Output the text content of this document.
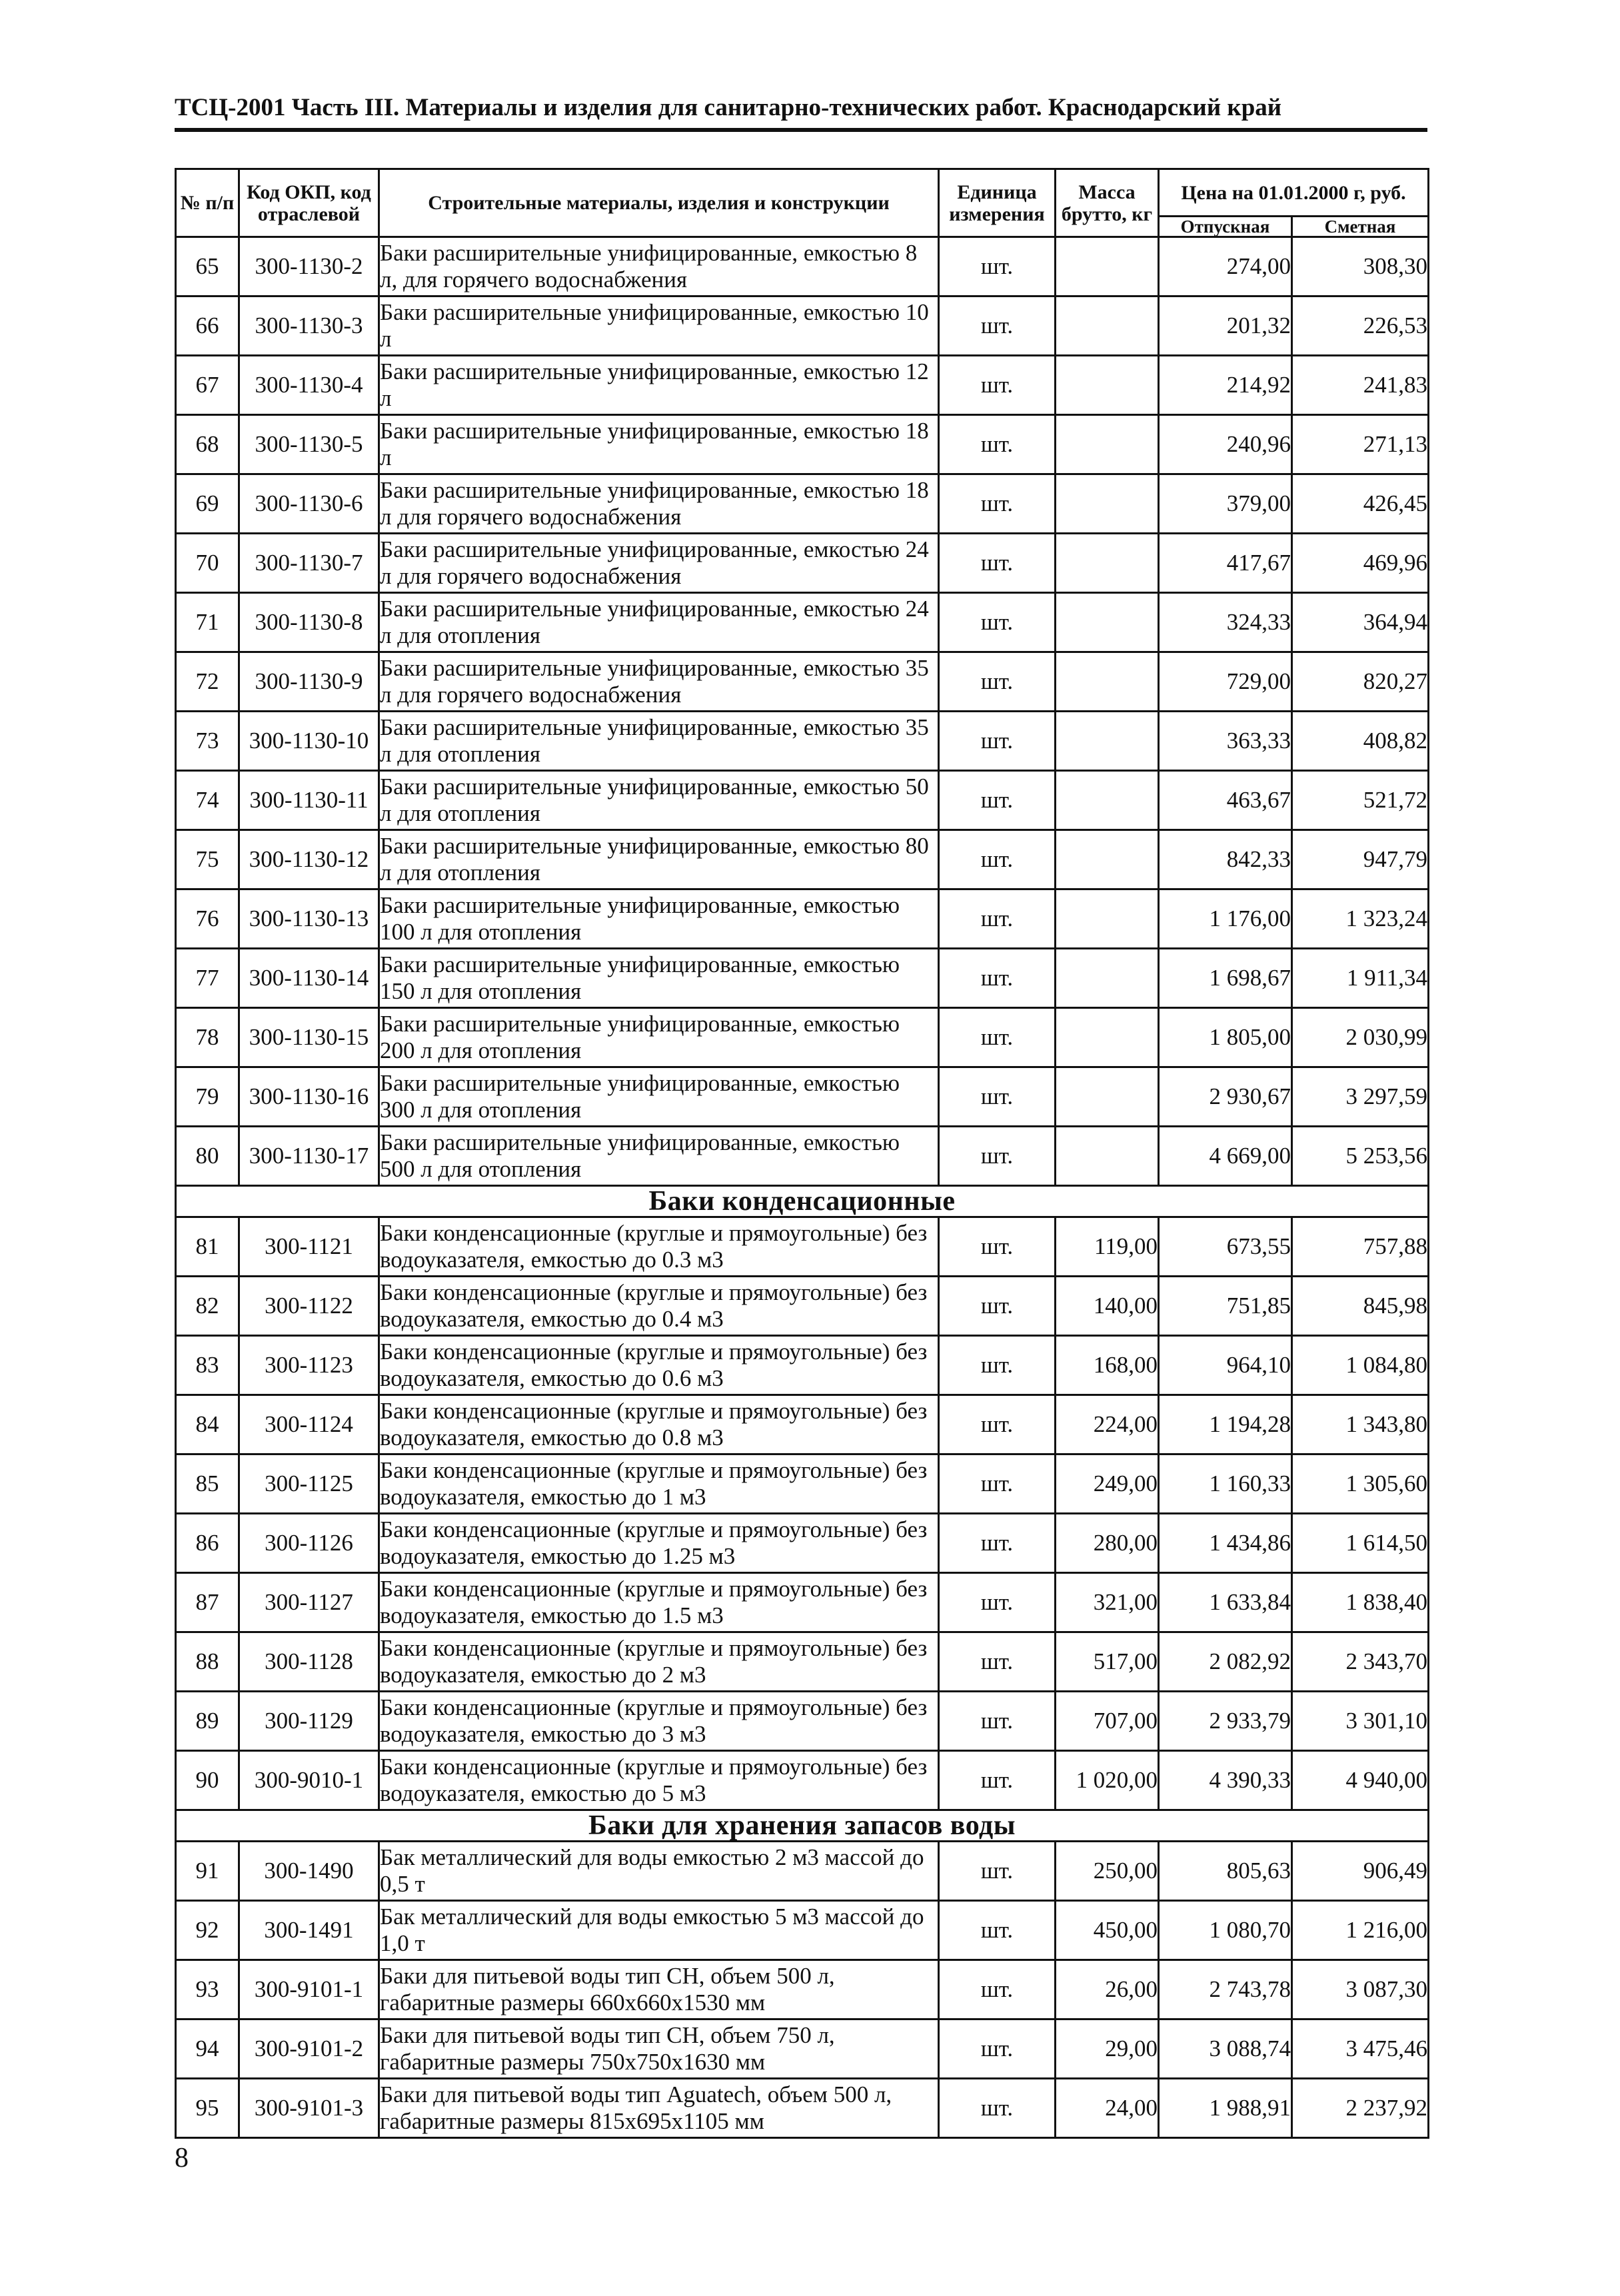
ТСЦ-2001 Часть III. Материалы и изделия для санитарно-технических работ. Краснодарский край
№ п/п	Код ОКП, код отраслевой	Строительные материалы, изделия и конструкции	Единица измерения	Масса брутто, кг	Цена на 01.01.2000 г, руб.	
					Отпускная	Сметная
65	300-1130-2	Баки расширительные унифицированные, емкостью 8 л, для горячего водоснабжения	шт.		274,00	308,30
66	300-1130-3	Баки расширительные унифицированные, емкостью 10 л	шт.		201,32	226,53
67	300-1130-4	Баки расширительные унифицированные, емкостью 12 л	шт.		214,92	241,83
68	300-1130-5	Баки расширительные унифицированные, емкостью 18 л	шт.		240,96	271,13
69	300-1130-6	Баки расширительные унифицированные, емкостью 18 л для горячего водоснабжения	шт.		379,00	426,45
70	300-1130-7	Баки расширительные унифицированные, емкостью 24 л для горячего водоснабжения	шт.		417,67	469,96
71	300-1130-8	Баки расширительные унифицированные, емкостью 24 л для отопления	шт.		324,33	364,94
72	300-1130-9	Баки расширительные унифицированные, емкостью 35 л для горячего водоснабжения	шт.		729,00	820,27
73	300-1130-10	Баки расширительные унифицированные, емкостью 35 л для отопления	шт.		363,33	408,82
74	300-1130-11	Баки расширительные унифицированные, емкостью 50 л для отопления	шт.		463,67	521,72
75	300-1130-12	Баки расширительные унифицированные, емкостью 80 л для отопления	шт.		842,33	947,79
76	300-1130-13	Баки расширительные унифицированные, емкостью 100 л для отопления	шт.		1 176,00	1 323,24
77	300-1130-14	Баки расширительные унифицированные, емкостью 150 л для отопления	шт.		1 698,67	1 911,34
78	300-1130-15	Баки расширительные унифицированные, емкостью 200 л для отопления	шт.		1 805,00	2 030,99
79	300-1130-16	Баки расширительные унифицированные, емкостью 300 л для отопления	шт.		2 930,67	3 297,59
80	300-1130-17	Баки расширительные унифицированные, емкостью 500 л для отопления	шт.		4 669,00	5 253,56
Баки конденсационные						
81	300-1121	Баки конденсационные (круглые и прямоугольные) без водоуказателя, емкостью до 0.3 м3	шт.	119,00	673,55	757,88
82	300-1122	Баки конденсационные (круглые и прямоугольные) без водоуказателя, емкостью до 0.4 м3	шт.	140,00	751,85	845,98
83	300-1123	Баки конденсационные (круглые и прямоугольные) без водоуказателя, емкостью до 0.6 м3	шт.	168,00	964,10	1 084,80
84	300-1124	Баки конденсационные (круглые и прямоугольные) без водоуказателя, емкостью до 0.8 м3	шт.	224,00	1 194,28	1 343,80
85	300-1125	Баки конденсационные (круглые и прямоугольные) без водоуказателя, емкостью до 1 м3	шт.	249,00	1 160,33	1 305,60
86	300-1126	Баки конденсационные (круглые и прямоугольные) без водоуказателя, емкостью до 1.25 м3	шт.	280,00	1 434,86	1 614,50
87	300-1127	Баки конденсационные (круглые и прямоугольные) без водоуказателя, емкостью до 1.5 м3	шт.	321,00	1 633,84	1 838,40
88	300-1128	Баки конденсационные (круглые и прямоугольные) без водоуказателя, емкостью до 2 м3	шт.	517,00	2 082,92	2 343,70
89	300-1129	Баки конденсационные (круглые и прямоугольные) без водоуказателя, емкостью до 3 м3	шт.	707,00	2 933,79	3 301,10
90	300-9010-1	Баки конденсационные (круглые и прямоугольные) без водоуказателя, емкостью до 5 м3	шт.	1 020,00	4 390,33	4 940,00
Баки для хранения запасов воды						
91	300-1490	Бак металлический для воды емкостью 2 м3 массой до 0,5 т	шт.	250,00	805,63	906,49
92	300-1491	Бак металлический для воды емкостью 5 м3 массой до 1,0 т	шт.	450,00	1 080,70	1 216,00
93	300-9101-1	Баки для питьевой воды тип СН, объем 500 л, габаритные размеры 660х660х1530 мм	шт.	26,00	2 743,78	3 087,30
94	300-9101-2	Баки для питьевой воды тип СН, объем 750 л, габаритные размеры 750х750х1630 мм	шт.	29,00	3 088,74	3 475,46
95	300-9101-3	Баки для питьевой воды тип Aguatech, объем 500 л, габаритные размеры 815х695х1105 мм	шт.	24,00	1 988,91	2 237,92
8
